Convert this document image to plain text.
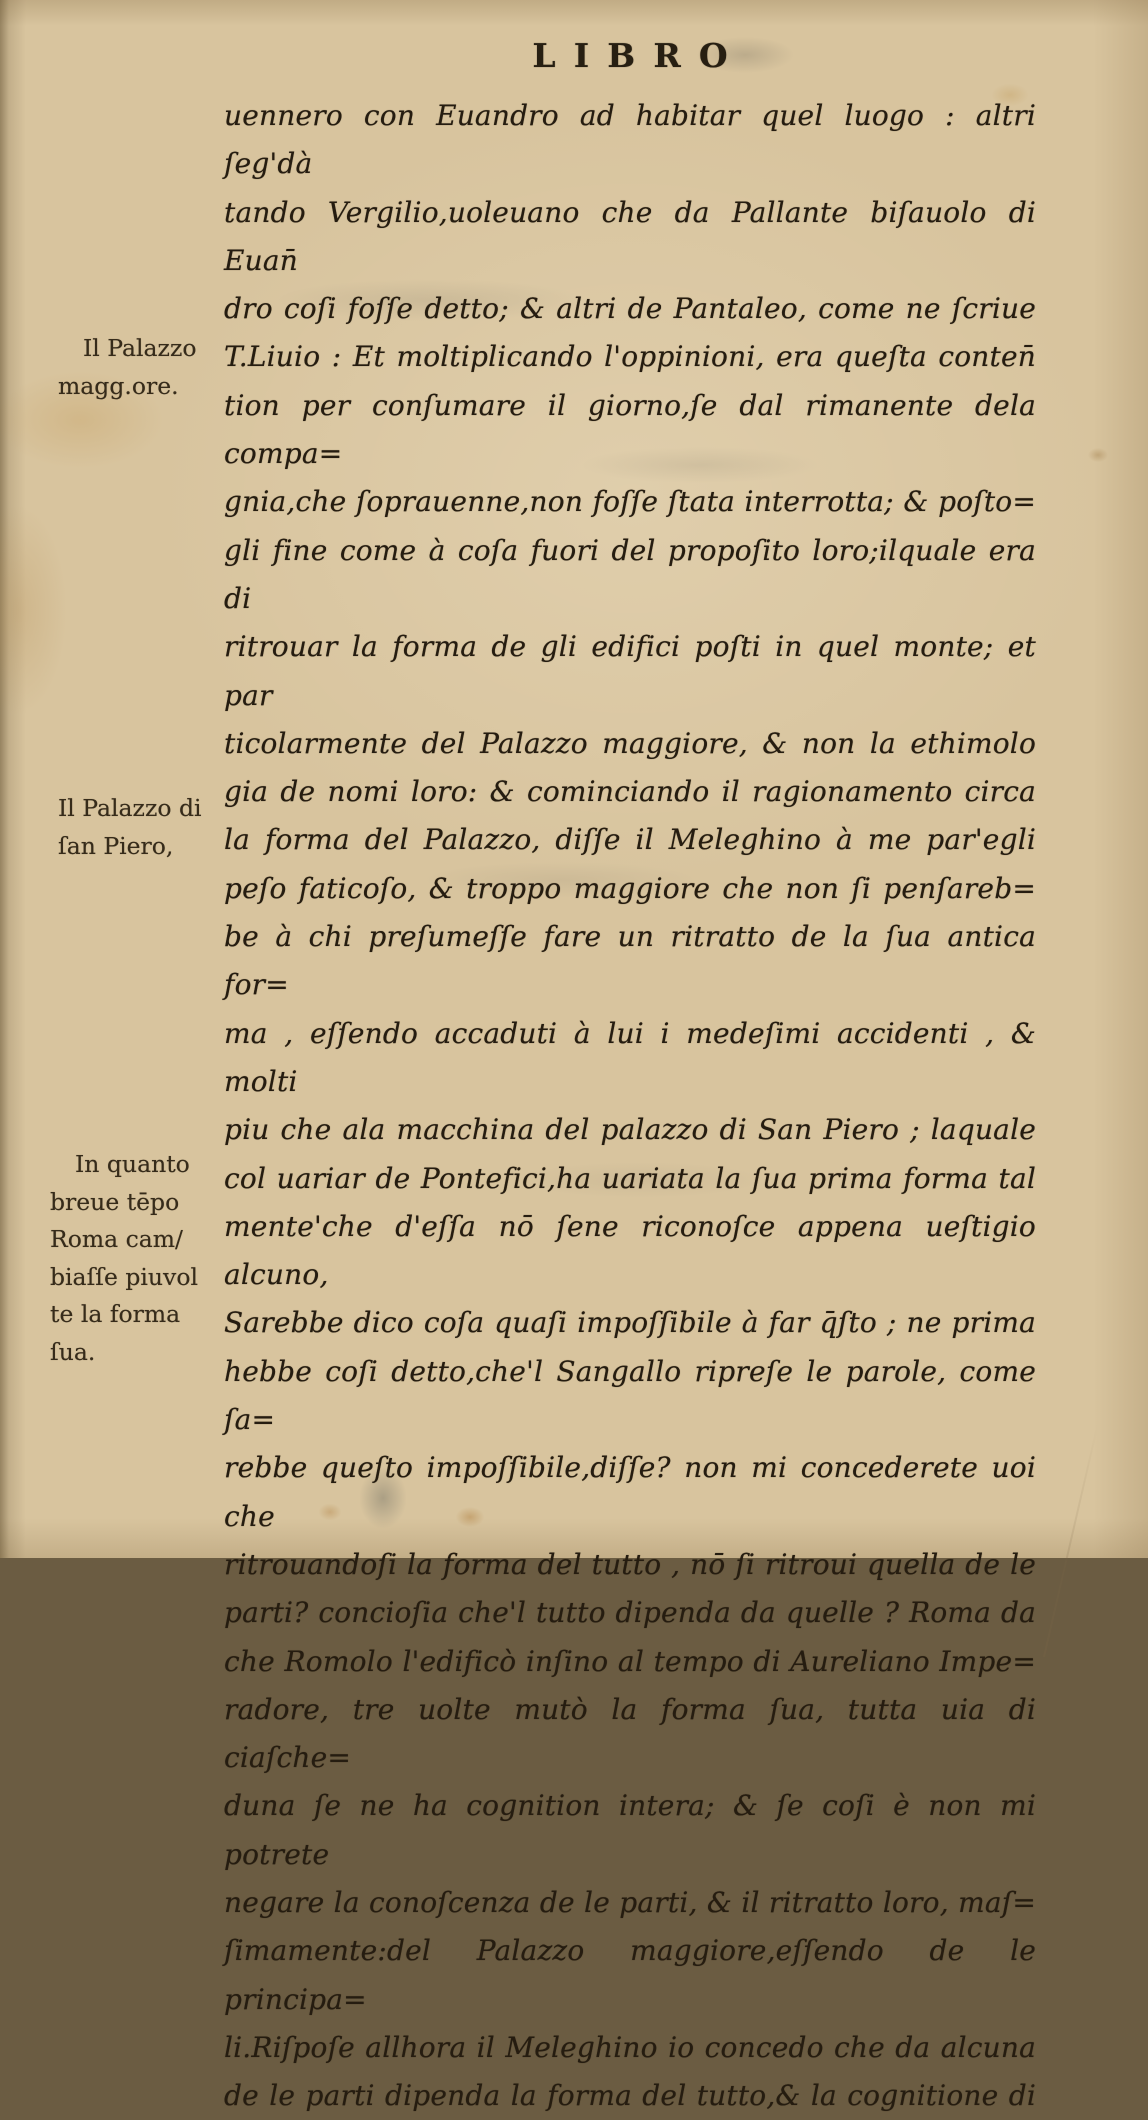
LIBRO
Il Palazzo
magg.ore.
Il Palazzo di
ſan Piero,
In quanto
breue tēpo
Roma cam/
biaſſe piuvol
te la forma
ſua.
uennero con Euandro ad habitar quel luogo : altri ſeg'dà
tando Vergilio,uoleuano che da Pallante biſauolo di Euan̄
dro coſi foſſe detto; & altri de Pantaleo, come ne ſcriue
T.Liuio : Et moltiplicando l'oppinioni, era queſta conten̄
tion per conſumare il giorno,ſe dal rimanente dela compa=
gnia,che ſoprauenne,non foſſe ſtata interrotta; & poſto=
gli fine come à coſa fuori del propoſito loro;ilquale era di
ritrouar la forma de gli edifici poſti in quel monte; et par
ticolarmente del Palazzo maggiore, & non la ethimolo
gia de nomi loro: & cominciando il ragionamento circa
la forma del Palazzo, diſſe il Meleghino à me par'egli
peſo faticoſo, & troppo maggiore che non ſi penſareb=
be à chi preſumeſſe fare un ritratto de la ſua antica for=
ma , eſſendo accaduti à lui i medeſimi accidenti , & molti
piu che ala macchina del palazzo di San Piero ; laquale
col uariar de Pontefici,ha uariata la ſua prima forma tal
mente'che d'eſſa nō ſene riconoſce appena ueſtigio alcuno,
Sarebbe dico coſa quaſi impoſſibile à far q̄ſto ; ne prima
hebbe coſi detto,che'l Sangallo ripreſe le parole, come ſa=
rebbe queſto impoſſibile,diſſe? non mi concederete uoi che
ritrouandoſi la forma del tutto , nō ſi ritroui quella de le
parti? concioſia che'l tutto dipenda da quelle ? Roma da
che Romolo l'edificò inſino al tempo di Aureliano Impe=
radore, tre uolte mutò la forma ſua, tutta uia di ciaſche=
duna ſe ne ha cognition intera; & ſe coſi è non mi potrete
negare la conoſcenza de le parti, & il ritratto loro, maſ=
ſimamente:del Palazzo maggiore,eſſendo de le principa=
li.Riſpoſe allhora il Meleghino io concedo che da alcuna
de le parti dipenda la forma del tutto,& la cognitione di
